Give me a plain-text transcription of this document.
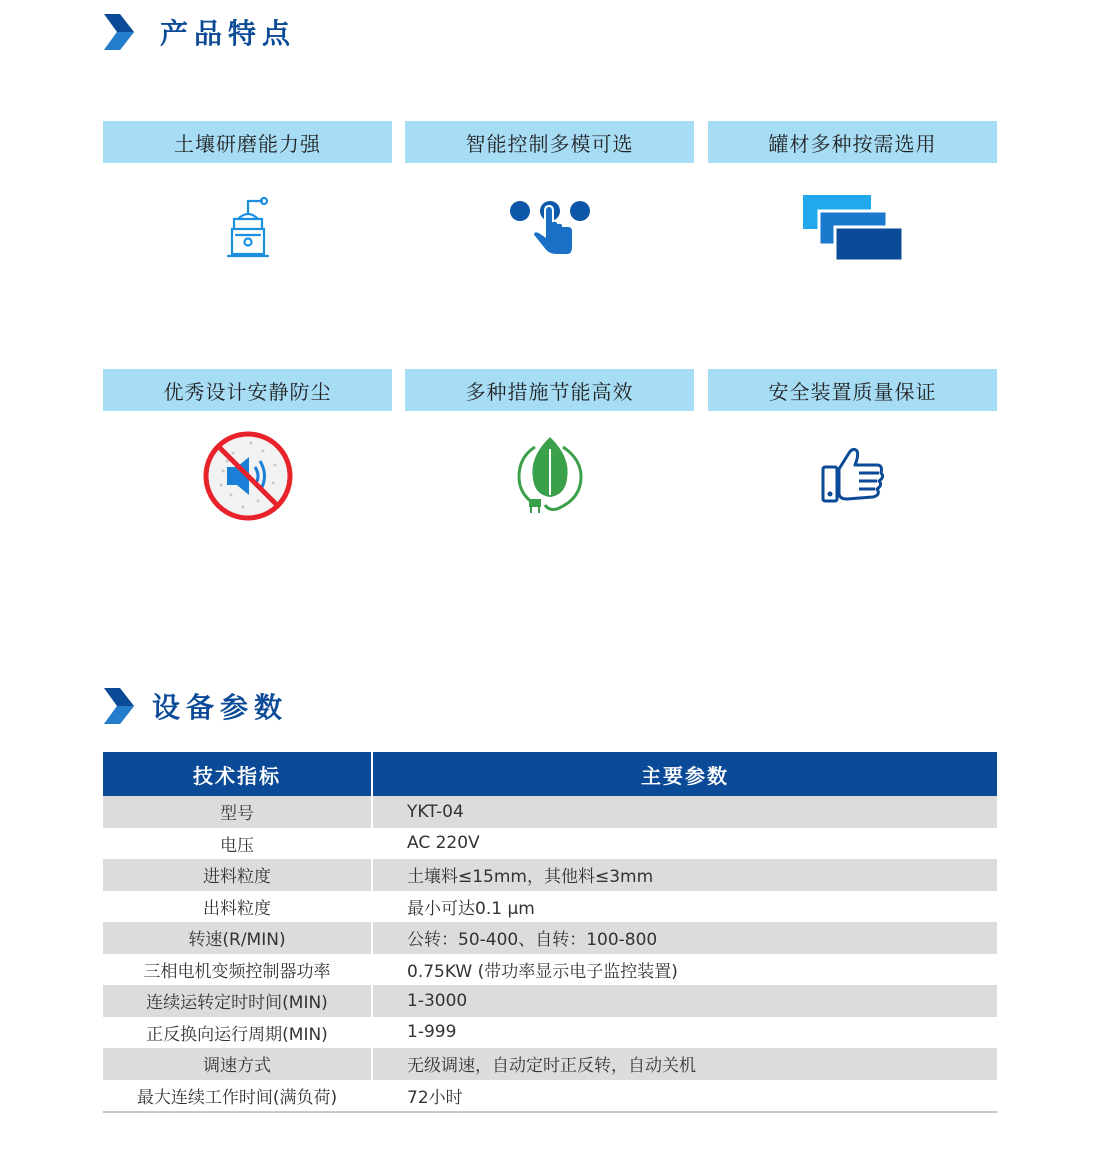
产品特点
土壤研磨能力强	智能控制多模可选	罐材多种按需选用
优秀设计安静防尘	多种措施节能高效	安全装置质量保证
设备参数
技术指标	主要参数
型号	YKT-04
电压	AC 220V
进料粒度	土壤料≤15mm，其他料≤3mm
出料粒度	最小可达0.1 μm
转速(R/MIN)	公转：50-400、自转：100-800
三相电机变频控制器功率	0.75KW (带功率显示电子监控装置)
连续运转定时时间(MIN)	1-3000
正反换向运行周期(MIN)	1-999
调速方式	无级调速，自动定时正反转，自动关机
最大连续工作时间(满负荷)	72小时
